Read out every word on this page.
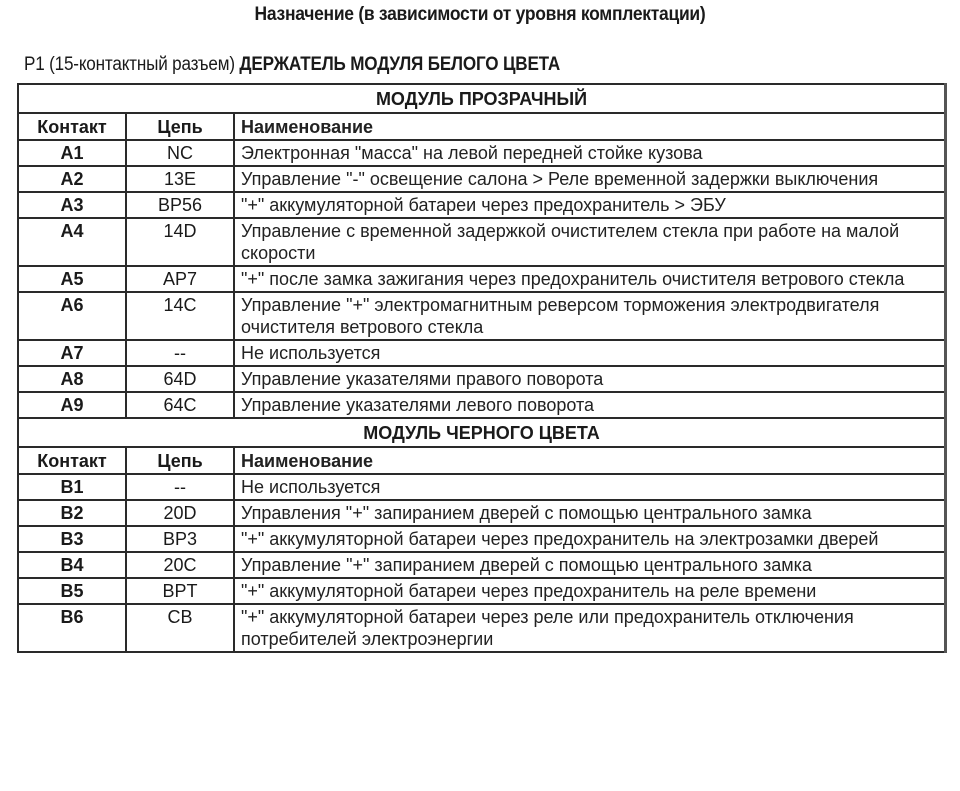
Назначение (в зависимости от уровня комплектации)
P1 (15-контактный разъем) ДЕРЖАТЕЛЬ МОДУЛЯ БЕЛОГО ЦВЕТА
МОДУЛЬ ПРОЗРАЧНЫЙ		
Контакт	Цепь	Наименование
A1	NC	Электронная "масса" на левой передней стойке кузова
A2	13E	Управление "-" освещение салона > Реле временной задержки выключения
A3	BP56	"+" аккумуляторной батареи через предохранитель > ЭБУ
A4	14D	Управление с временной задержкой очистителем стекла при работе на малой скорости
A5	AP7	"+" после замка зажигания через предохранитель очистителя ветрового стекла
A6	14C	Управление "+" электромагнитным реверсом торможения электродвигателя очистителя ветрового стекла
A7	--	Не используется
A8	64D	Управление указателями правого поворота
A9	64C	Управление указателями левого поворота
МОДУЛЬ ЧЕРНОГО ЦВЕТА		
Контакт	Цепь	Наименование
B1	--	Не используется
B2	20D	Управления "+" запиранием дверей с помощью центрального замка
B3	BP3	"+" аккумуляторной батареи через предохранитель на электрозамки дверей
B4	20C	Управление "+" запиранием дверей с помощью центрального замка
B5	BPT	"+" аккумуляторной батареи через предохранитель на реле времени
B6	CB	"+" аккумуляторной батареи через реле или предохранитель отключения потребителей электроэнергии
